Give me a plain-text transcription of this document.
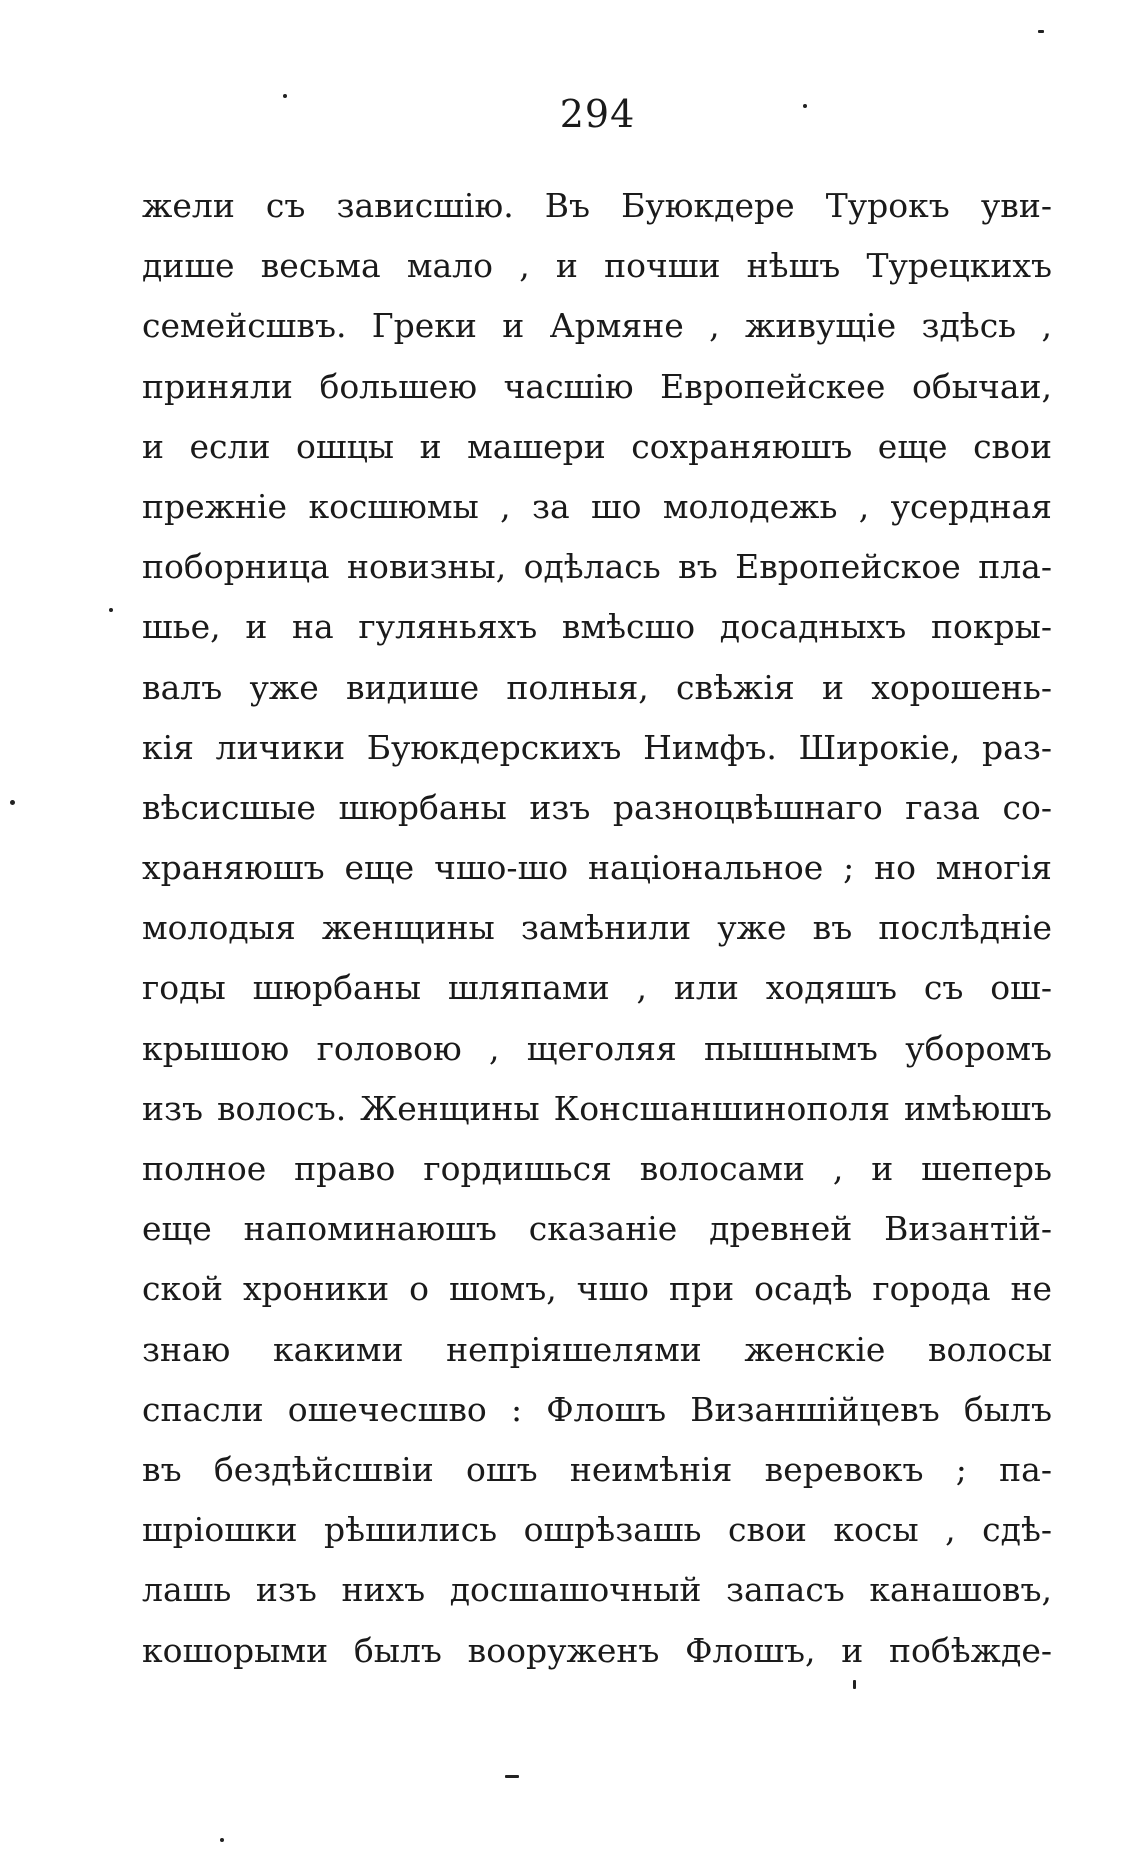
294
жели съ зависшію. Въ Буюкдере Турокъ уви-
дише весьма мало , и почши нѣшъ Турецкихъ
семейсшвъ. Греки и Армяне , живущіе здѣсь ,
приняли большею часшію Европейскее обычаи,
и если ошцы и машери сохраняюшъ еще свои
прежніе косшюмы , за шо молодежь , усердная
поборница новизны, одѣлась въ Европейское пла-
шье, и на гуляньяхъ вмѣсшо досадныхъ покры-
валъ уже видише полныя, свѣжія и хорошень-
кія личики Буюкдерскихъ Нимфъ. Широкіе, раз-
вѣсисшые шюрбаны изъ разноцвѣшнаго газа со-
храняюшъ еще чшо-шо національное ; но многія
молодыя женщины замѣнили уже въ послѣдніе
годы шюрбаны шляпами , или ходяшъ съ ош-
крышою головою , щеголяя пышнымъ уборомъ
изъ волосъ. Женщины Консшаншинополя имѣюшъ
полное право гордишься волосами , и шеперь
еще напоминаюшъ сказаніе древней Византій-
ской хроники о шомъ, чшо при осадѣ города не
знаю какими непріяшелями женскіе волосы
спасли ошечесшво : Флошъ Визаншійцевъ былъ
въ бездѣйсшвіи ошъ неимѣнія веревокъ ; па-
шріошки рѣшились ошрѣзашь свои косы , сдѣ-
лашь изъ нихъ досшашочный запасъ канашовъ,
кошорыми былъ вооруженъ Флошъ, и побѣжде-
